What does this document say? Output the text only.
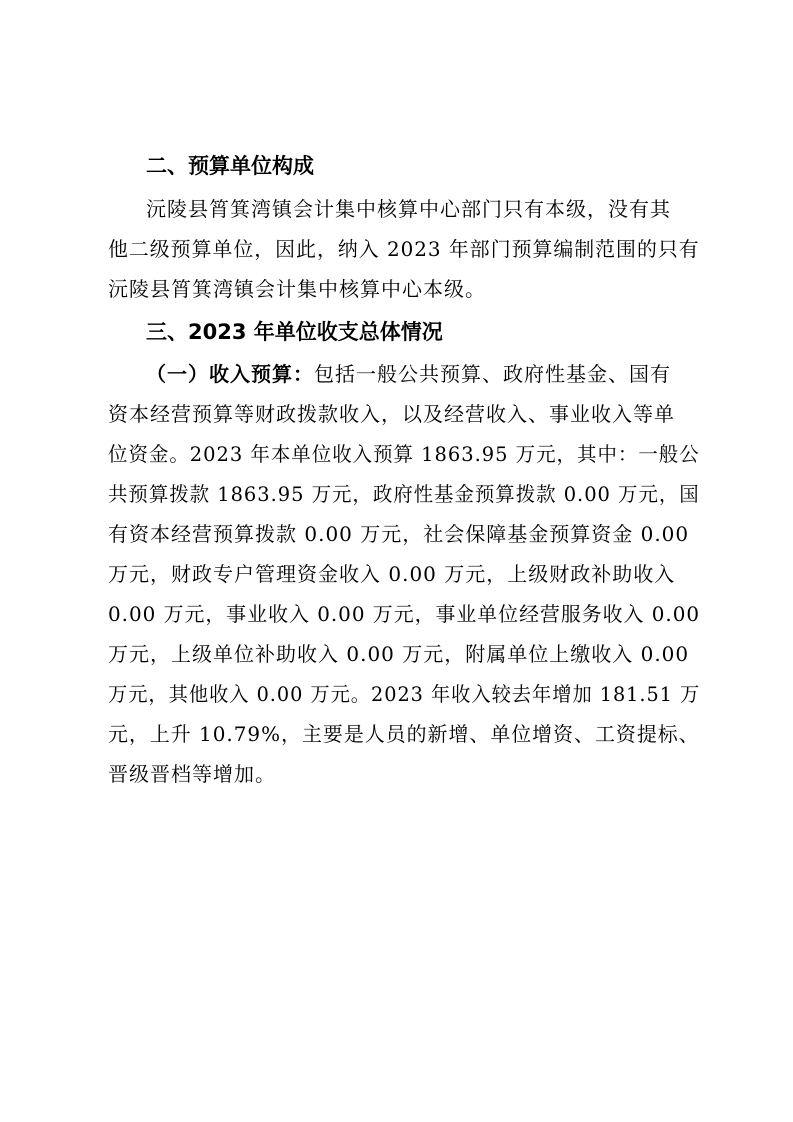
二、预算单位构成

沅陵县筲箕湾镇会计集中核算中心部门只有本级，没有其

他二级预算单位，因此，纳入 2023 年部门预算编制范围的只有

沅陵县筲箕湾镇会计集中核算中心本级。

三、2023 年单位收支总体情况

（一）收入预算：包括一般公共预算、政府性基金、国有

资本经营预算等财政拨款收入，以及经营收入、事业收入等单

位资金。2023 年本单位收入预算 1863.95 万元，其中：一般公

共预算拨款 1863.95 万元，政府性基金预算拨款 0.00 万元，国

有资本经营预算拨款 0.00 万元，社会保障基金预算资金 0.00

万元，财政专户管理资金收入 0.00 万元，上级财政补助收入

0.00 万元，事业收入 0.00 万元，事业单位经营服务收入 0.00

万元，上级单位补助收入 0.00 万元，附属单位上缴收入 0.00

万元，其他收入 0.00 万元。2023 年收入较去年增加 181.51 万

元，上升 10.79%，主要是人员的新增、单位增资、工资提标、

晋级晋档等增加。
